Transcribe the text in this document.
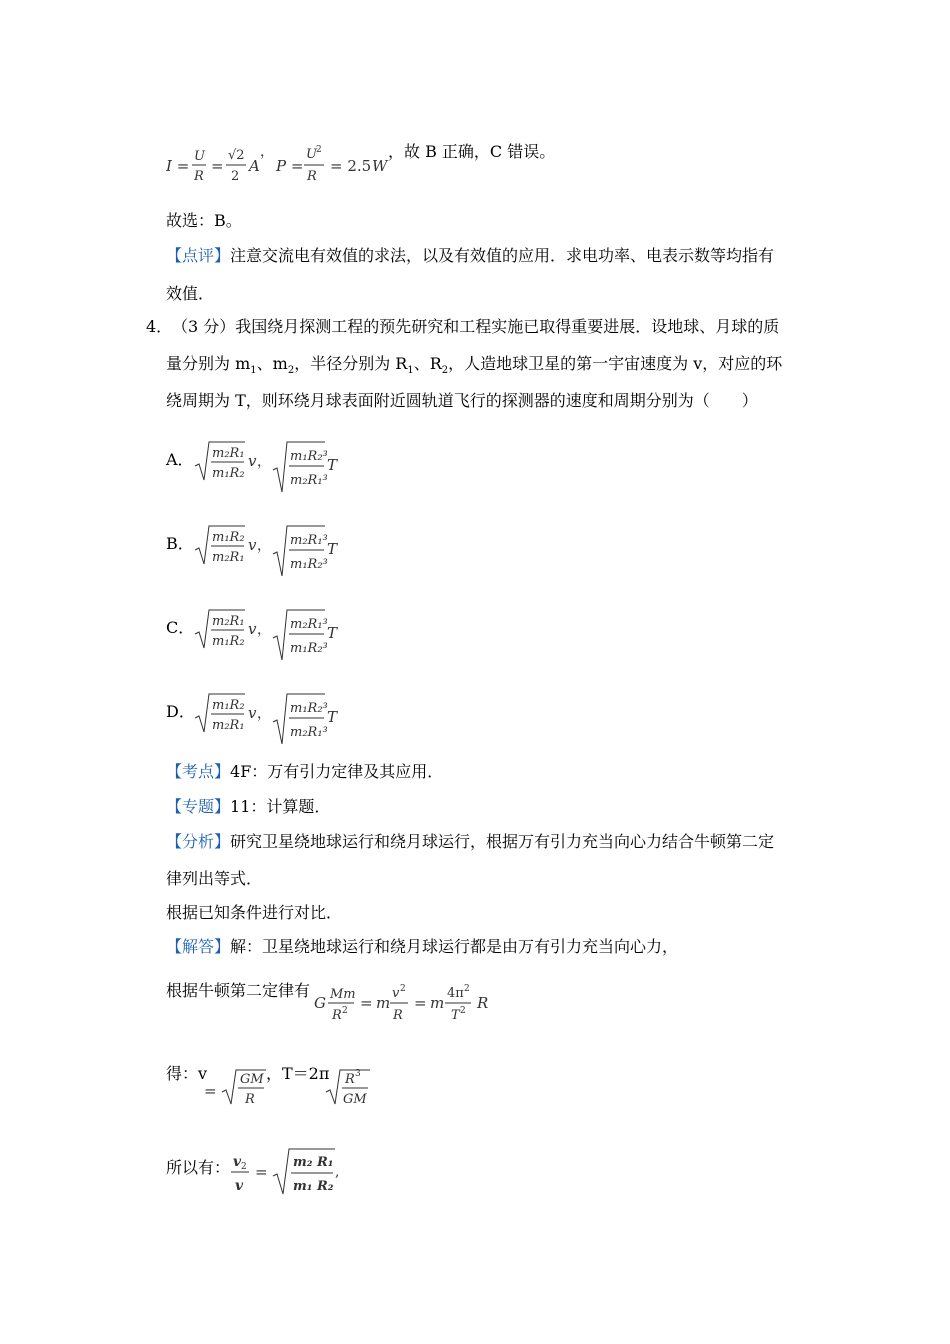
I =
U
R
=
√2
2
A
，
P =
U 2
R
= 2.5 W
，故 B 正确，C 错误。
故选：B。
【点评】注意交流电有效值的求法，以及有效值的应用．求电功率、电表示数等均指有
效值．
4． （3 分）我国绕月探测工程的预先研究和工程实施已取得重要进展．设地球、月球的质
量分别为 $m_1$、$m_2$，半径分别为 $R_1$、$R_2$，人造地球卫星的第一宇宙速度为 v，对应的环
绕周期为 T，则环绕月球表面附近圆轨道飞行的探测器的速度和周期分别为（　　）
A． m₂R₁
m₁R₂
v ， m₁R₂³
m₂R₁³
T
B． m₁R₂
m₂R₁
v ， m₂R₁³
m₁R₂³
T
C． m₂R₁
m₁R₂
v ， m₂R₁³
m₁R₂³
T
D． m₁R₂
m₂R₁
v ， m₁R₂³
m₂R₁³
T
【考点】4F：万有引力定律及其应用．
【专题】11：计算题．
【分析】研究卫星绕地球运行和绕月球运行，根据万有引力充当向心力结合牛顿第二定
律列出等式．
根据已知条件进行对比．
【解答】解：卫星绕地球运行和绕月球运行都是由万有引力充当向心力，
根据牛顿第二定律有
G Mm
R 2 = m
v 2
R
= m
4π 2
T 2 R
得：v
=
GM
R
，T＝2π R 3
GM
所以有： v 2
v
=
m₂ R₁
m₁ R₂
,
